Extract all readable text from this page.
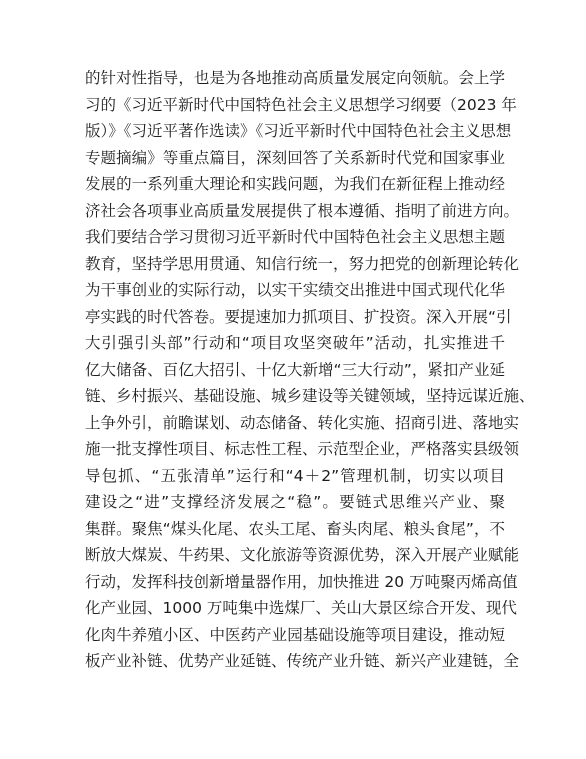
的针对性指导，也是为各地推动高质量发展定向领航。会上学
习的《习近平新时代中国特色社会主义思想学习纲要（2023 年
版）》《习近平著作选读》《习近平新时代中国特色社会主义思想
专题摘编》等重点篇目，深刻回答了关系新时代党和国家事业
发展的一系列重大理论和实践问题，为我们在新征程上推动经
济社会各项事业高质量发展提供了根本遵循、指明了前进方向。
我们要结合学习贯彻习近平新时代中国特色社会主义思想主题
教育，坚持学思用贯通、知信行统一，努力把党的创新理论转化
为干事创业的实际行动，以实干实绩交出推进中国式现代化华
亭实践的时代答卷。要提速加力抓项目、扩投资。深入开展“引
大引强引头部”行动和“项目攻坚突破年”活动，扎实推进千
亿大储备、百亿大招引、十亿大新增“三大行动”，紧扣产业延
链、乡村振兴、基础设施、城乡建设等关键领域，坚持远谋近施、
上争外引，前瞻谋划、动态储备、转化实施、招商引进、落地实
施一批支撑性项目、标志性工程、示范型企业，严格落实县级领
导包抓、“五张清单”运行和“4＋2”管理机制，切实以项目
建设之“进”支撑经济发展之“稳”。要链式思维兴产业、聚
集群。聚焦“煤头化尾、农头工尾、畜头肉尾、粮头食尾”，不
断放大煤炭、牛药果、文化旅游等资源优势，深入开展产业赋能
行动，发挥科技创新增量器作用，加快推进 20 万吨聚丙烯高值
化产业园、1000 万吨集中选煤厂、关山大景区综合开发、现代
化肉牛养殖小区、中医药产业园基础设施等项目建设，推动短
板产业补链、优势产业延链、传统产业升链、新兴产业建链，全
